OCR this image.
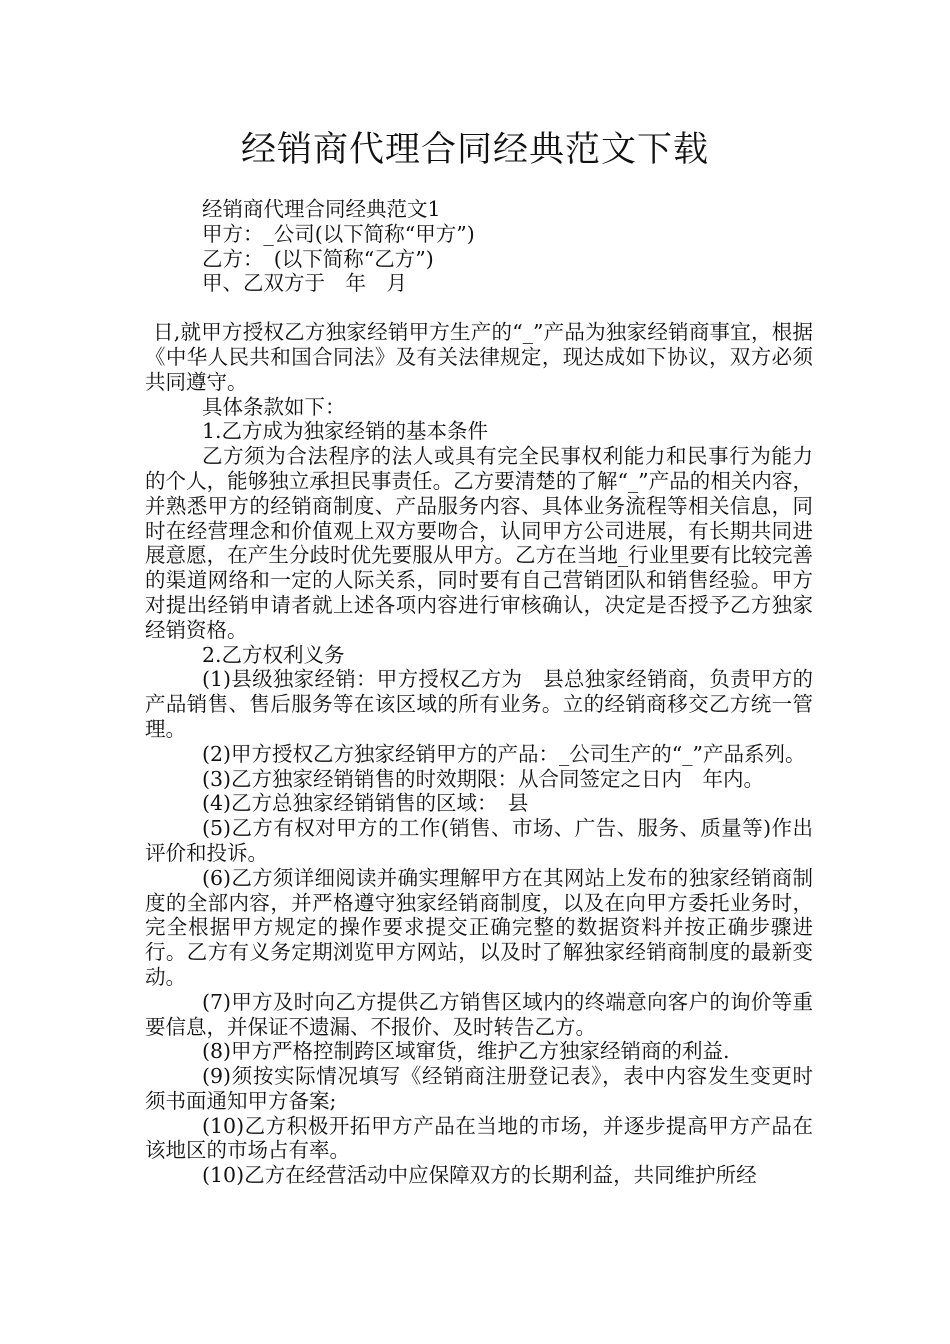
经销商代理合同经典范文下载

经销商代理合同经典范文1

甲方：_公司(以下简称“甲方”)

乙方：　(以下简称“乙方”)

甲、乙双方于　年　月

日,就甲方授权乙方独家经销甲方生产的“_”产品为独家经销商事宜，根据《中华人民共和国合同法》及有关法律规定，现达成如下协议，双方必须共同遵守。

具体条款如下：

1.乙方成为独家经销的基本条件

乙方须为合法程序的法人或具有完全民事权利能力和民事行为能力的个人，能够独立承担民事责任。乙方要清楚的了解“_”产品的相关内容，并熟悉甲方的经销商制度、产品服务内容、具体业务流程等相关信息，同时在经营理念和价值观上双方要吻合，认同甲方公司进展，有长期共同进展意愿，在产生分歧时优先要服从甲方。乙方在当地_行业里要有比较完善的渠道网络和一定的人际关系，同时要有自己营销团队和销售经验。甲方对提出经销申请者就上述各项内容进行审核确认，决定是否授予乙方独家经销资格。

2.乙方权利义务

(1)县级独家经销：甲方授权乙方为　县总独家经销商，负责甲方的产品销售、售后服务等在该区域的所有业务。立的经销商移交乙方统一管理。

(2)甲方授权乙方独家经销甲方的产品：_公司生产的“_”产品系列。

(3)乙方独家经销销售的时效期限：从合同签定之日内　年内。

(4)乙方总独家经销销售的区域：　县

(5)乙方有权对甲方的工作(销售、市场、广告、服务、质量等)作出评价和投诉。

(6)乙方须详细阅读并确实理解甲方在其网站上发布的独家经销商制度的全部内容，并严格遵守独家经销商制度，以及在向甲方委托业务时，完全根据甲方规定的操作要求提交正确完整的数据资料并按正确步骤进行。乙方有义务定期浏览甲方网站，以及时了解独家经销商制度的最新变动。

(7)甲方及时向乙方提供乙方销售区域内的终端意向客户的询价等重要信息，并保证不遗漏、不报价、及时转告乙方。

(8)甲方严格控制跨区域窜货，维护乙方独家经销商的利益.

(9)须按实际情况填写《经销商注册登记表》，表中内容发生变更时须书面通知甲方备案;

(10)乙方积极开拓甲方产品在当地的市场，并逐步提高甲方产品在该地区的市场占有率。

(10)乙方在经营活动中应保障双方的长期利益，共同维护所经
